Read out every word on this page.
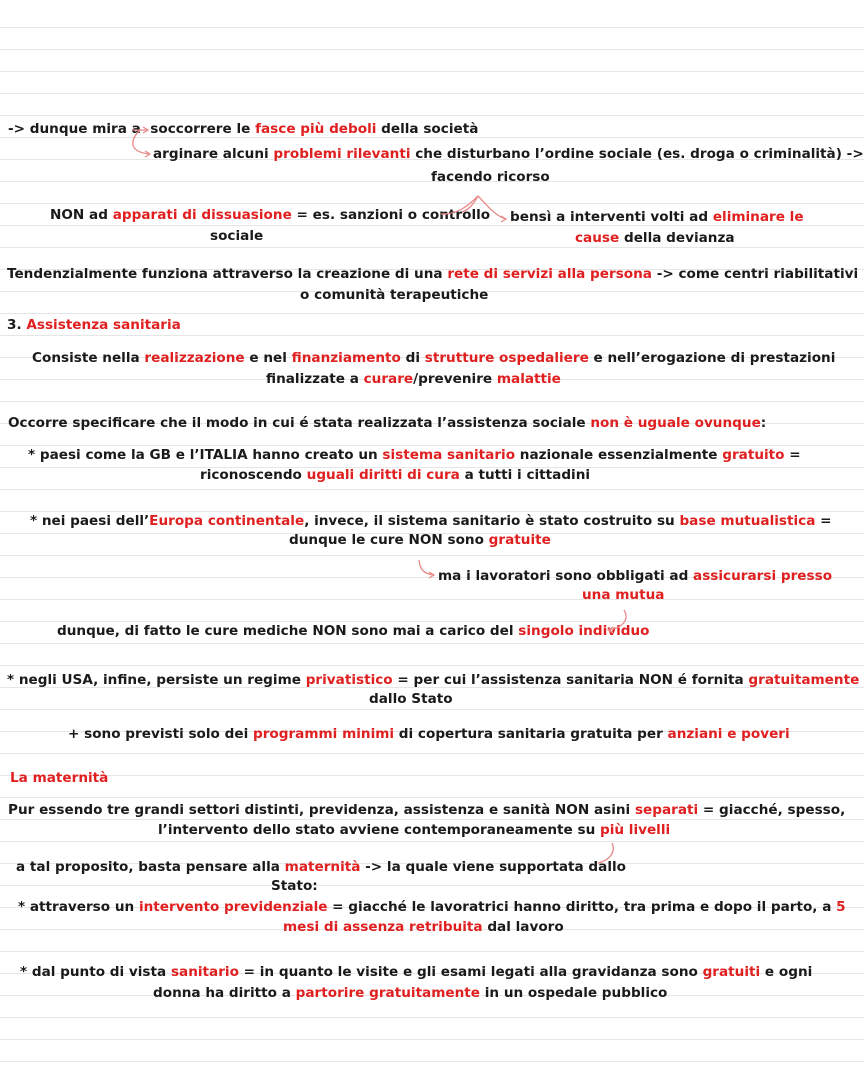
-> dunque mira a  soccorrere le fasce più deboli della società
arginare alcuni problemi rilevanti che disturbano l’ordine sociale (es. droga o criminalità) ->
facendo ricorso
NON ad apparati di dissuasione = es. sanzioni o controllo
sociale
bensì a interventi volti ad eliminare le
cause della devianza
Tendenzialmente funziona attraverso la creazione di una rete di servizi alla persona -> come centri riabilitativi
o comunità terapeutiche
3. Assistenza sanitaria
Consiste nella realizzazione e nel finanziamento di strutture ospedaliere e nell’erogazione di prestazioni
finalizzate a curare/prevenire malattie
Occorre specificare che il modo in cui é stata realizzata l’assistenza sociale non è uguale ovunque:
* paesi come la GB e l’ITALIA hanno creato un sistema sanitario nazionale essenzialmente gratuito =
riconoscendo uguali diritti di cura a tutti i cittadini
* nei paesi dell’Europa continentale, invece, il sistema sanitario è stato costruito su base mutualistica =
dunque le cure NON sono gratuite
ma i lavoratori sono obbligati ad assicurarsi presso
una mutua
dunque, di fatto le cure mediche NON sono mai a carico del singolo individuo
* negli USA, infine, persiste un regime privatistico = per cui l’assistenza sanitaria NON é fornita gratuitamente
dallo Stato
+ sono previsti solo dei programmi minimi di copertura sanitaria gratuita per anziani e poveri
La maternità
Pur essendo tre grandi settori distinti, previdenza, assistenza e sanità NON asini separati = giacché, spesso,
l’intervento dello stato avviene contemporaneamente su più livelli
a tal proposito, basta pensare alla maternità -> la quale viene supportata dallo
Stato:
* attraverso un intervento previdenziale = giacché le lavoratrici hanno diritto, tra prima e dopo il parto, a 5
mesi di assenza retribuita dal lavoro
* dal punto di vista sanitario = in quanto le visite e gli esami legati alla gravidanza sono gratuiti e ogni
donna ha diritto a partorire gratuitamente in un ospedale pubblico
